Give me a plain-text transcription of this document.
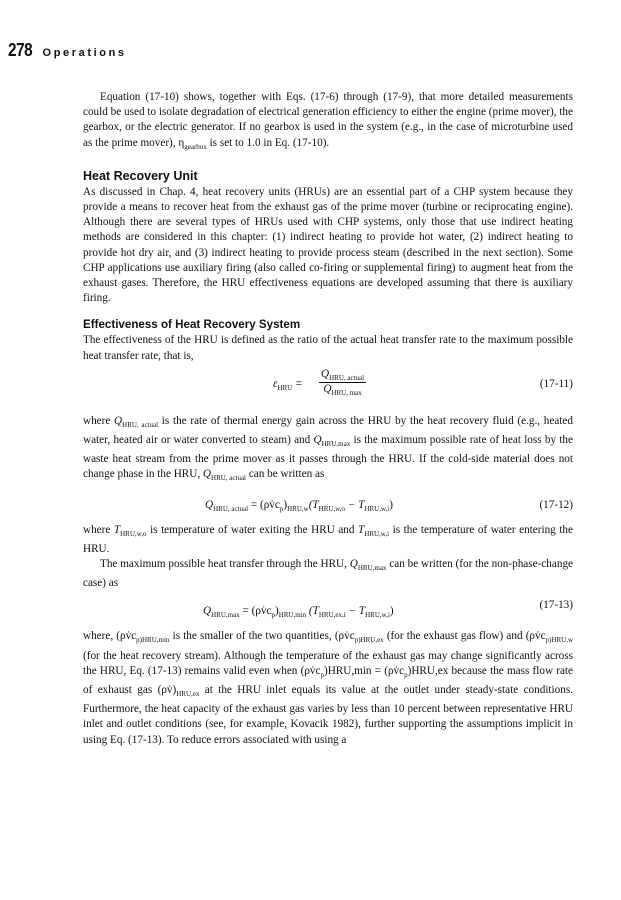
278 Operations

Equation (17-10) shows, together with Eqs. (17-6) through (17-9), that more detailed measurements could be used to isolate degradation of electrical generation efficiency to either the engine (prime mover), the gearbox, or the electric generator. If no gearbox is used in the system (e.g., in the case of microturbine used as the prime mover), $\eta_{gearbox}$ is set to 1.0 in Eq. (17-10).

Heat Recovery Unit

As discussed in Chap. 4, heat recovery units (HRUs) are an essential part of a CHP system because they provide a means to recover heat from the exhaust gas of the prime mover (turbine or reciprocating engine). Although there are several types of HRUs used with CHP systems, only those that use indirect heating methods are considered in this chapter: (1) indirect heating to provide hot water, (2) indirect heating to provide hot dry air, and (3) indirect heating to provide process steam (described in the next section). Some CHP applications use auxiliary firing (also called co-firing or supplemental firing) to augment heat from the exhaust gases. Therefore, the HRU effectiveness equations are developed assuming that there is auxiliary firing.

Effectiveness of Heat Recovery System

The effectiveness of the HRU is defined as the ratio of the actual heat transfer rate to the maximum possible heat transfer rate, that is,

$\varepsilon_{HRU}$ =
$Q_{HRU, actual}$
$Q_{HRU, max}$
(17-11)

where $Q_{HRU, actual}$ is the rate of thermal energy gain across the HRU by the heat recovery fluid (e.g., heated water, heated air or water converted to steam) and $Q_{HRU,max}$ is the maximum possible rate of heat loss by the waste heat stream from the prime mover as it passes through the HRU. If the cold-side material does not change phase in the HRU, $Q_{HRU, actual}$ can be written as

$Q_{HRU, actual}$ = $(\rho v̇c_p)_{HRU,w}(T_{HRU,w,o} - T_{HRU,w,i})$	(17-12)

where $T_{HRU,w,o}$ is temperature of water exiting the HRU and $T_{HRU,w,i}$ is the temperature of water entering the HRU.

The maximum possible heat transfer through the HRU, $Q_{HRU,max}$ can be written (for the non-phase-change case) as

$Q_{HRU,max}$ = $(\rho v̇c_p)_{HRU,min}$ $(T_{HRU,ex,i} - T_{HRU,w,i})$	(17-13)

where, ($\rho v̇c_{p)HRU,min}$ is the smaller of the two quantities, ($\rho v̇c_{p)HRU,ex}$ (for the exhaust gas flow) and ($\rho v̇c_{p)HRU,w}$ (for the heat recovery stream). Although the temperature of the exhaust gas may change significantly across the HRU, Eq. (17-13) remains valid even when $(\rho v̇c_p)HRU,\min$ = $(\rho v̇c_p)HRU,ex$ because the mass flow rate of exhaust gas $(\rho v̇)_{HRU,ex}$ at the HRU inlet equals its value at the outlet under steady-state conditions. Furthermore, the heat capacity of the exhaust gas varies by less than 10 percent between representative HRU inlet and outlet conditions (see, for example, Kovacik 1982), further supporting the assumptions implicit in using Eq. (17-13). To reduce errors associated with using a
